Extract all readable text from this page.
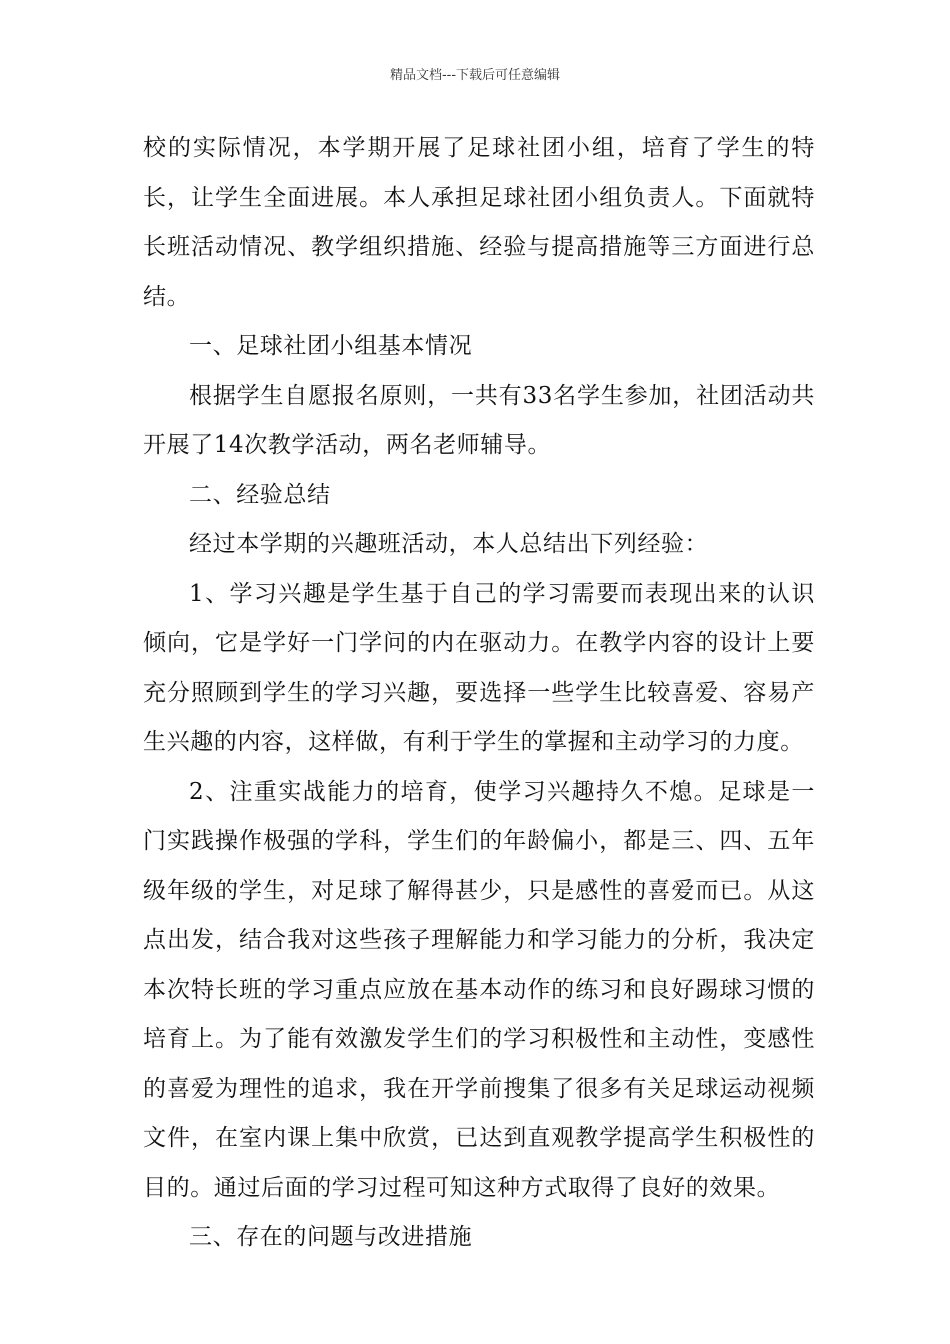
精品文档---下载后可任意编辑

校的实际情况，本学期开展了足球社团小组，培育了学生的特长，让学生全面进展。本人承担足球社团小组负责人。下面就特长班活动情况、教学组织措施、经验与提高措施等三方面进行总结。

一、足球社团小组基本情况

根据学生自愿报名原则，一共有33名学生参加，社团活动共开展了14次教学活动，两名老师辅导。

二、经验总结

经过本学期的兴趣班活动，本人总结出下列经验：

1、学习兴趣是学生基于自己的学习需要而表现出来的认识倾向，它是学好一门学问的内在驱动力。在教学内容的设计上要充分照顾到学生的学习兴趣，要选择一些学生比较喜爱、容易产生兴趣的内容，这样做，有利于学生的掌握和主动学习的力度。

2、注重实战能力的培育，使学习兴趣持久不熄。足球是一门实践操作极强的学科，学生们的年龄偏小，都是三、四、五年级年级的学生，对足球了解得甚少，只是感性的喜爱而已。从这点出发，结合我对这些孩子理解能力和学习能力的分析，我决定本次特长班的学习重点应放在基本动作的练习和良好踢球习惯的培育上。为了能有效激发学生们的学习积极性和主动性，变感性的喜爱为理性的追求，我在开学前搜集了很多有关足球运动视频文件，在室内课上集中欣赏，已达到直观教学提高学生积极性的目的。通过后面的学习过程可知这种方式取得了良好的效果。

三、存在的问题与改进措施
